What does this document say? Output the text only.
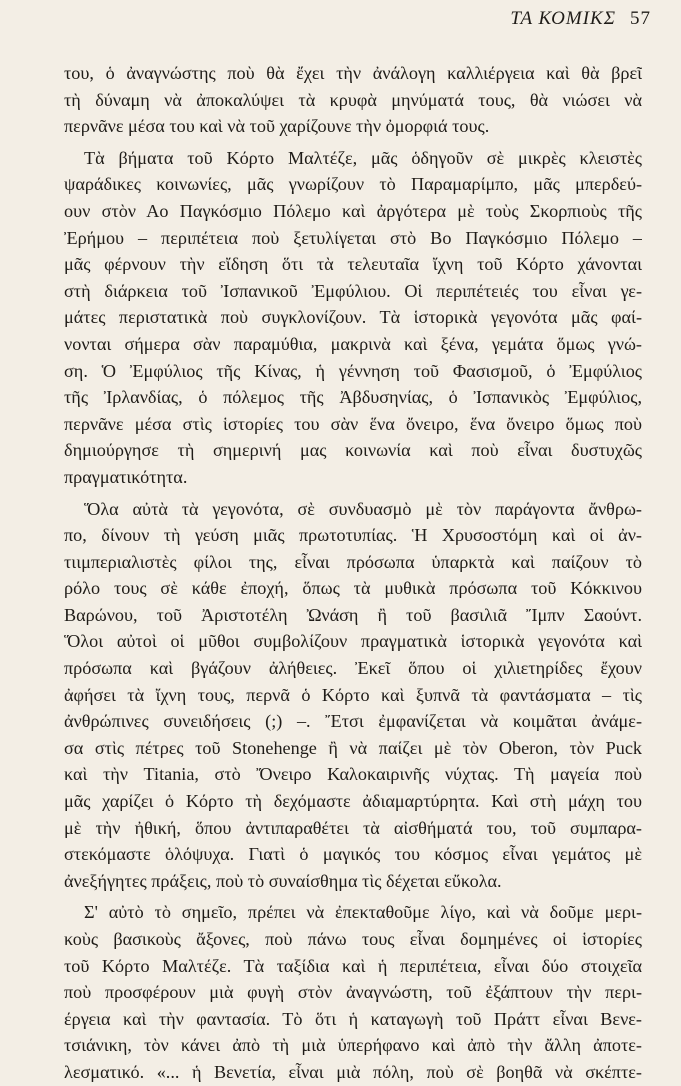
ΤΑ ΚΟΜΙΚΣ 57
του, ὁ ἀναγνώστης ποὺ θὰ ἔχει τὴν ἀνάλογη καλλιέργεια καὶ θὰ βρεῖ
τὴ δύναμη νὰ ἀποκαλύψει τὰ κρυφὰ μηνύματά τους, θὰ νιώσει νὰ
περνᾶνε μέσα του καὶ νὰ τοῦ χαρίζουνε τὴν ὀμορφιά τους.
Τὰ βήματα τοῦ Κόρτο Μαλτέζε, μᾶς ὁδηγοῦν σὲ μικρὲς κλειστὲς
ψαράδικες κοινωνίες, μᾶς γνωρίζουν τὸ Παραμαρίμπο, μᾶς μπερδεύ-
ουν στὸν Αο Παγκόσμιο Πόλεμο καὶ ἀργότερα μὲ τοὺς Σκορπιοὺς τῆς
Ἐρήμου – περιπέτεια ποὺ ξετυλίγεται στὸ Βο Παγκόσμιο Πόλεμο –
μᾶς φέρνουν τὴν εἴδηση ὅτι τὰ τελευταῖα ἴχνη τοῦ Κόρτο χάνονται
στὴ διάρκεια τοῦ Ἰσπανικοῦ Ἐμφύλιου. Οἱ περιπέτειές του εἶναι γε-
μάτες περιστατικὰ ποὺ συγκλονίζουν. Τὰ ἱστορικὰ γεγονότα μᾶς φαί-
νονται σήμερα σὰν παραμύθια, μακρινὰ καὶ ξένα, γεμάτα ὅμως γνώ-
ση. Ὁ Ἐμφύλιος τῆς Κίνας, ἡ γέννηση τοῦ Φασισμοῦ, ὁ Ἐμφύλιος
τῆς Ἰρλανδίας, ὁ πόλεμος τῆς Ἀβδυσηνίας, ὁ Ἰσπανικὸς Ἐμφύλιος,
περνᾶνε μέσα στὶς ἱστορίες του σὰν ἕνα ὄνειρο, ἕνα ὄνειρο ὅμως ποὺ
δημιούργησε τὴ σημερινή μας κοινωνία καὶ ποὺ εἶναι δυστυχῶς
πραγματικότητα.
Ὅλα αὐτὰ τὰ γεγονότα, σὲ συνδυασμὸ μὲ τὸν παράγοντα ἄνθρω-
πο, δίνουν τὴ γεύση μιᾶς πρωτοτυπίας. Ἡ Χρυσοστόμη καὶ οἱ ἀν-
τιιμπεριαλιστὲς φίλοι της, εἶναι πρόσωπα ὑπαρκτὰ καὶ παίζουν τὸ
ρόλο τους σὲ κάθε ἐποχή, ὅπως τὰ μυθικὰ πρόσωπα τοῦ Κόκκινου
Βαρώνου, τοῦ Ἀριστοτέλη Ὠνάση ἢ τοῦ βασιλιᾶ Ἴμπν Σαούντ.
Ὅλοι αὐτοὶ οἱ μῦθοι συμβολίζουν πραγματικὰ ἱστορικὰ γεγονότα καὶ
πρόσωπα καὶ βγάζουν ἀλήθειες. Ἐκεῖ ὅπου οἱ χιλιετηρίδες ἔχουν
ἀφήσει τὰ ἴχνη τους, περνᾶ ὁ Κόρτο καὶ ξυπνᾶ τὰ φαντάσματα – τὶς
ἀνθρώπινες συνειδήσεις (;) –. Ἔτσι ἐμφανίζεται νὰ κοιμᾶται ἀνάμε-
σα στὶς πέτρες τοῦ Stonehenge ἢ νὰ παίζει μὲ τὸν Oberon, τὸν Puck
καὶ τὴν Titania, στὸ Ὄνειρο Καλοκαιρινῆς νύχτας. Τὴ μαγεία ποὺ
μᾶς χαρίζει ὁ Κόρτο τὴ δεχόμαστε ἀδιαμαρτύρητα. Καὶ στὴ μάχη του
μὲ τὴν ἠθική, ὅπου ἀντιπαραθέτει τὰ αἰσθήματά του, τοῦ συμπαρα-
στεκόμαστε ὁλόψυχα. Γιατὶ ὁ μαγικός του κόσμος εἶναι γεμάτος μὲ
ἀνεξήγητες πράξεις, ποὺ τὸ συναίσθημα τὶς δέχεται εὔκολα.
Σ' αὐτὸ τὸ σημεῖο, πρέπει νὰ ἐπεκταθοῦμε λίγο, καὶ νὰ δοῦμε μερι-
κοὺς βασικοὺς ἄξονες, ποὺ πάνω τους εἶναι δομημένες οἱ ἱστορίες
τοῦ Κόρτο Μαλτέζε. Τὰ ταξίδια καὶ ἡ περιπέτεια, εἶναι δύο στοιχεῖα
ποὺ προσφέρουν μιὰ φυγὴ στὸν ἀναγνώστη, τοῦ ἐξάπτουν τὴν περι-
έργεια καὶ τὴν φαντασία. Τὸ ὅτι ἡ καταγωγὴ τοῦ Πράττ εἶναι Βενε-
τσιάνικη, τὸν κάνει ἀπὸ τὴ μιὰ ὑπερήφανο καὶ ἀπὸ τὴν ἄλλη ἀποτε-
λεσματικό. «... ἡ Βενετία, εἶναι μιὰ πόλη, ποὺ σὲ βοηθᾶ νὰ σκέπτε-
